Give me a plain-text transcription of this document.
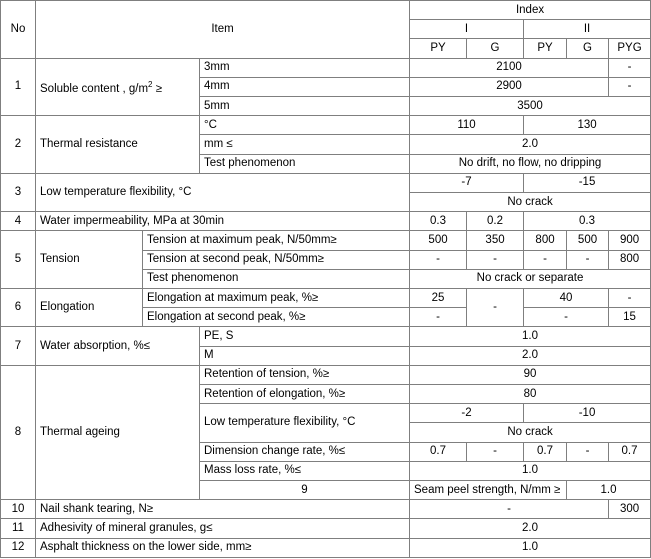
No	Item			Index				
				I		II		
				PY	G	PY	G	PYG
1	Soluble content , $g/m^2$ ≥		3mm	2100				-
			4mm	2900				-
			5mm	3500				
2	Thermal resistance		°C	110		130		
			mm ≤	2.0				
			Test phenomenon	No drift, no flow, no dripping				
3	Low temperature flexibility, °C			-7		-15		
				No crack				
4	Water impermeability, MPa at 30min			0.3	0.2	0.3		
5	Tension	Tension at maximum peak, N/50mm≥		500	350	800	500	900
		Tension at second peak, N/50mm≥		-	-	-	-	800
		Test phenomenon		No crack or separate				
6	Elongation	Elongation at maximum peak, %≥		25	-	40		-
		Elongation at second peak, %≥		-		-		15
7	Water absorption, %≤		PE, S	1.0				
			M	2.0				
8	Thermal ageing		Retention of tension, %≥	90				
			Retention of elongation, %≥	80				
			Low temperature flexibility, °C	-2		-10		
				No crack				
			Dimension change rate, %≤	0.7	-	0.7	-	0.7
			Mass loss rate, %≤	1.0				
			9	Seam peel strength, N/mm ≥			1.0	
10	Nail shank tearing, N≥			-				300
11	Adhesivity of mineral granules, g≤			2.0				
12	Asphalt thickness on the lower side, mm≥			1.0				
